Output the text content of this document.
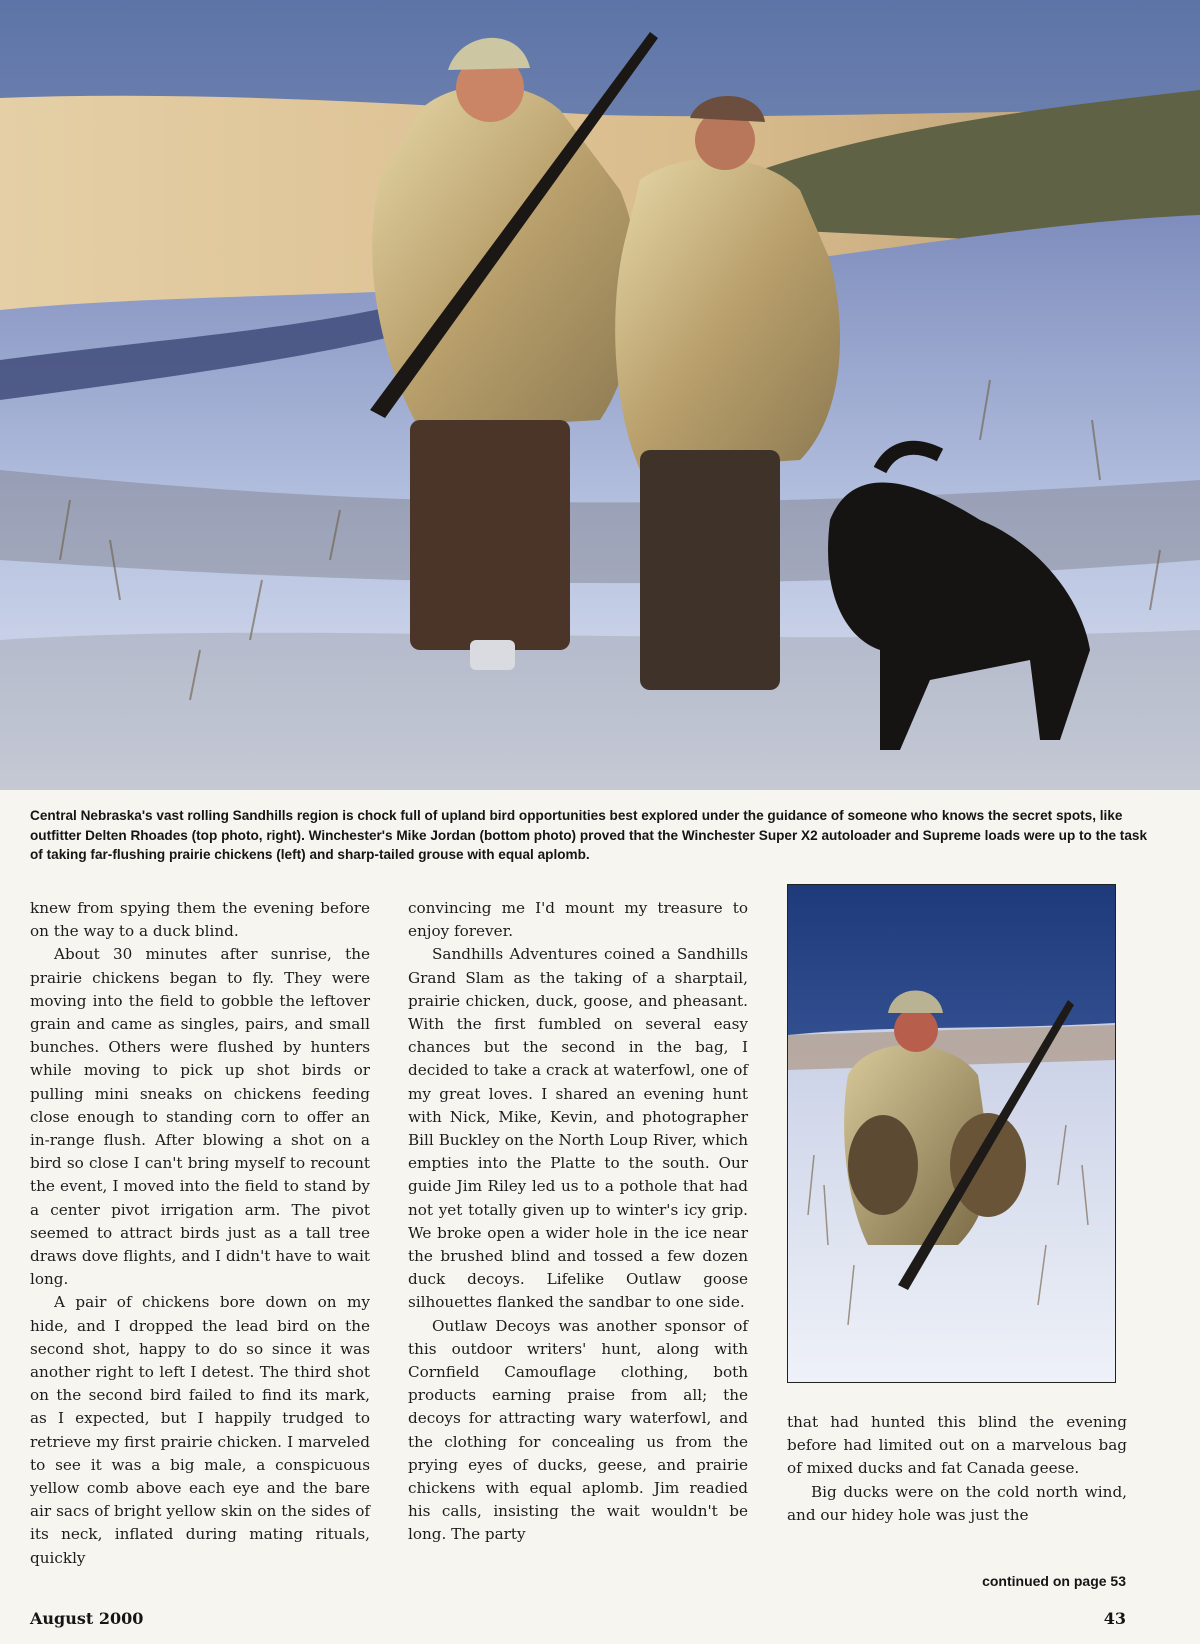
Central Nebraska's vast rolling Sandhills region is chock full of upland bird opportunities best explored under the guidance of someone who knows the secret spots, like outfitter Delten Rhoades (top photo, right). Winchester's Mike Jordan (bottom photo) proved that the Winchester Super X2 autoloader and Supreme loads were up to the task of taking far-flushing prairie chickens (left) and sharp-tailed grouse with equal aplomb.

knew from spying them the evening before on the way to a duck blind.

About 30 minutes after sunrise, the prairie chickens began to fly. They were moving into the field to gobble the leftover grain and came as singles, pairs, and small bunches. Others were flushed by hunters while moving to pick up shot birds or pulling mini sneaks on chickens feeding close enough to standing corn to offer an in-range flush. After blowing a shot on a bird so close I can't bring myself to recount the event, I moved into the field to stand by a center pivot irrigation arm. The pivot seemed to attract birds just as a tall tree draws dove flights, and I didn't have to wait long.

A pair of chickens bore down on my hide, and I dropped the lead bird on the second shot, happy to do so since it was another right to left I detest. The third shot on the second bird failed to find its mark, as I expected, but I happily trudged to retrieve my first prairie chicken. I marveled to see it was a big male, a conspicuous yellow comb above each eye and the bare air sacs of bright yellow skin on the sides of its neck, inflated during mating rituals, quickly

convincing me I'd mount my treasure to enjoy forever.

Sandhills Adventures coined a Sandhills Grand Slam as the taking of a sharptail, prairie chicken, duck, goose, and pheasant. With the first fumbled on several easy chances but the second in the bag, I decided to take a crack at waterfowl, one of my great loves. I shared an evening hunt with Nick, Mike, Kevin, and photographer Bill Buckley on the North Loup River, which empties into the Platte to the south. Our guide Jim Riley led us to a pothole that had not yet totally given up to winter's icy grip. We broke open a wider hole in the ice near the brushed blind and tossed a few dozen duck decoys. Lifelike Outlaw goose silhouettes flanked the sandbar to one side.

Outlaw Decoys was another sponsor of this outdoor writers' hunt, along with Cornfield Camouflage clothing, both products earning praise from all; the decoys for attracting wary waterfowl, and the clothing for concealing us from the prying eyes of ducks, geese, and prairie chickens with equal aplomb. Jim readied his calls, insisting the wait wouldn't be long. The party

that had hunted this blind the evening before had limited out on a marvelous bag of mixed ducks and fat Canada geese.

Big ducks were on the cold north wind, and our hidey hole was just the

continued on page 53
August 2000	43
